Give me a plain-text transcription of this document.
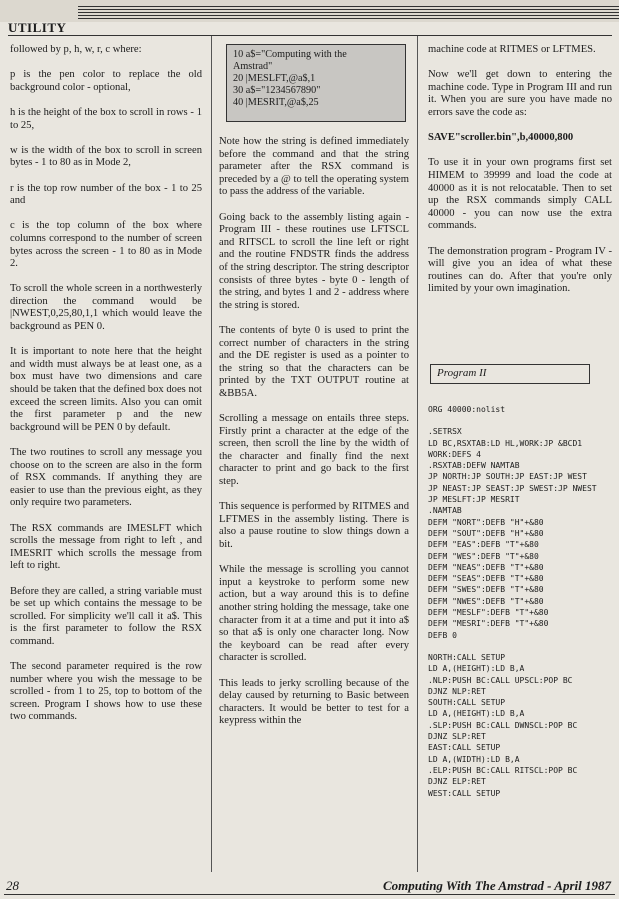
UTILITY

followed by p, h, w, r, c where:

p is the pen color to replace the old background color - optional,

h is the height of the box to scroll in rows - 1 to 25,

w is the width of the box to scroll in screen bytes - 1 to 80 as in Mode 2,

r is the top row number of the box - 1 to 25 and

c is the top column of the box where columns correspond to the number of screen bytes across the screen - 1 to 80 as in Mode 2.

To scroll the whole screen in a northwesterly direction the command would be |NWEST,0,25,80,1,1 which would leave the background as PEN 0.

It is important to note here that the height and width must always be at least one, as a box must have two dimensions and care should be taken that the defined box does not exceed the screen limits. Also you can omit the first parameter p and the new background will be PEN 0 by default.

The two routines to scroll any message you choose on to the screen are also in the form of RSX commands. If anything they are easier to use than the previous eight, as they only require two parameters.

The RSX commands are IMESLFT which scrolls the message from right to left , and IMESRIT which scrolls the message from left to right.

Before they are called, a string variable must be set up which contains the message to be scrolled. For simplicity we'll call it a$. This is the first parameter to follow the RSX command.

The second parameter required is the row number where you wish the message to be scrolled - from 1 to 25, top to bottom of the screen. Program I shows how to use these two commands.

10 a$="Computing with the
Amstrad"
20 |MESLFT,@a$,1
30 a$="1234567890"
40 |MESRIT,@a$,25

Note how the string is defined immediately before the command and that the string parameter after the RSX command is preceded by a @ to tell the operating system to pass the address of the variable.

Going back to the assembly listing again - Program III - these routines use LFTSCL and RITSCL to scroll the line left or right and the routine FNDSTR finds the address of the string descriptor. The string descriptor consists of three bytes - byte 0 - length of the string, and bytes 1 and 2 - address where the string is stored.

The contents of byte 0 is used to print the correct number of characters in the string and the DE register is used as a pointer to the string so that the characters can be printed by the TXT OUTPUT routine at &BB5A.

Scrolling a message on entails three steps. Firstly print a character at the edge of the screen, then scroll the line by the width of the character and finally find the next character to print and go back to the first step.

This sequence is performed by RITMES and LFTMES in the assembly listing. There is also a pause routine to slow things down a bit.

While the message is scrolling you cannot input a keystroke to perform some new action, but a way around this is to define another string holding the message, take one character from it at a time and put it into a$ so that a$ is only one character long. Now the keyboard can be read after every character is scrolled.

This leads to jerky scrolling because of the delay caused by returning to Basic between characters. It would be better to test for a keypress within the

machine code at RITMES or LFTMES.

Now we'll get down to entering the machine code. Type in Program III and run it. When you are sure you have made no errors save the code as:

SAVE"scroller.bin",b,40000,800

To use it in your own programs first set HIMEM to 39999 and load the code at 40000 as it is not relocatable. Then to set up the RSX commands simply CALL 40000 - you can now use the extra commands.

The demonstration program - Program IV - will give you an idea of what these routines can do. After that you're only limited by your own imagination.

Program II
ORG 40000:nolist
.SETRSX
LD BC,RSXTAB:LD HL,WORK:JP &BCD1
WORK:DEFS 4
.RSXTAB:DEFW NAMTAB
JP NORTH:JP SOUTH:JP EAST:JP WEST
JP NEAST:JP SEAST:JP SWEST:JP NWEST
JP MESLFT:JP MESRIT
.NAMTAB
DEFM "NORT":DEFB "H"+&80
DEFM "SOUT":DEFB "H"+&80
DEFM "EAS":DEFB "T"+&80
DEFM "WES":DEFB "T"+&80
DEFM "NEAS":DEFB "T"+&80
DEFM "SEAS":DEFB "T"+&80
DEFM "SWES":DEFB "T"+&80
DEFM "NWES":DEFB "T"+&80
DEFM "MESLF":DEFB "T"+&80
DEFM "MESRI":DEFB "T"+&80
DEFB 0
NORTH:CALL SETUP
LD A,(HEIGHT):LD B,A
.NLP:PUSH BC:CALL UPSCL:POP BC
DJNZ NLP:RET
SOUTH:CALL SETUP
LD A,(HEIGHT):LD B,A
.SLP:PUSH BC:CALL DWNSCL:POP BC
DJNZ SLP:RET
EAST:CALL SETUP
LD A,(WIDTH):LD B,A
.ELP:PUSH BC:CALL RITSCL:POP BC
DJNZ ELP:RET
WEST:CALL SETUP
28	Computing With The Amstrad - April 1987
